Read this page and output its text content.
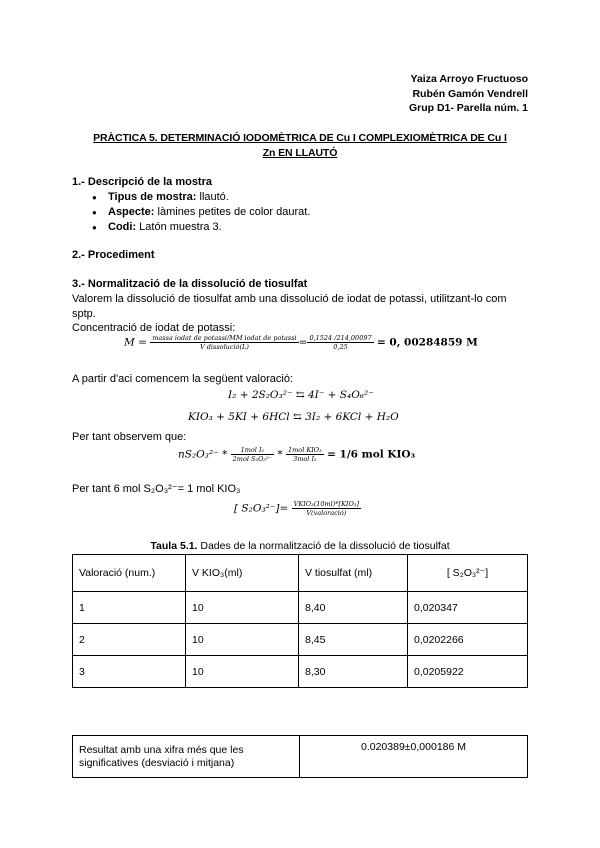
Yaiza Arroyo Fructuoso
Rubén Gamón Vendrell
Grup D1- Parella núm. 1
PRÀCTICA 5. DETERMINACIÓ IODOMÈTRICA DE Cu I COMPLEXIOMÈTRICA DE Cu I
Zn EN LLAUTÓ
1.- Descripció de la mostra
● Tipus de mostra: llautó.
● Aspecte: làmines petites de color daurat.
● Codi: Latón muestra 3.
2.- Procediment
3.- Normalització de la dissolució de tiosulfat
Valorem la dissolució de tiosulfat amb una dissolució de iodat de potassi, utilitzant-lo com sptp.
Concentració de iodat de potassi:
$M = \frac{\text{massa iodat de potassi/MM iodat de potassi}}{\text{V dissolució(L)}} = \frac{0,1524 /214,00097}{0,25} = 0$, 00284859 M
A partir d'aci comencem la següent valoració:
I₂ + 2S₂O₃²⁻ ⇆ 4I⁻ + S₄O₆²⁻
KIO₃ + 5KI + 6HCl ⇆ 3I₂ + 6KCl + H₂O
Per tant observem que:
$nS_2O_3^{2-} * \frac{\text{1mol I₂}}{\text{2mol S₂O₃²⁻}} * \frac{\text{1mol KIO₃}}{\text{3mol I₂}} = 1/6$ mol KIO₃
Per tant 6 mol S₂O₃²⁻= 1 mol KIO₃
[ $S_2O_3^{2-}]= \frac{\text{VKIO₃(10ml)*[KIO₃]}}{\text{V(valoració)}}$
Taula 5.1. Dades de la normalització de la dissolució de tiosulfat
Valoració (num.)	V KIO₃(ml)	V tiosulfat (ml)	[ S₂O₃²⁻]
1	10	8,40	0,020347
2	10	8,45	0,0202266
3	10	8,30	0,0205922
Resultat amb una xifra més que les significatives (desviació i mitjana)	0.020389±0,000186 M
